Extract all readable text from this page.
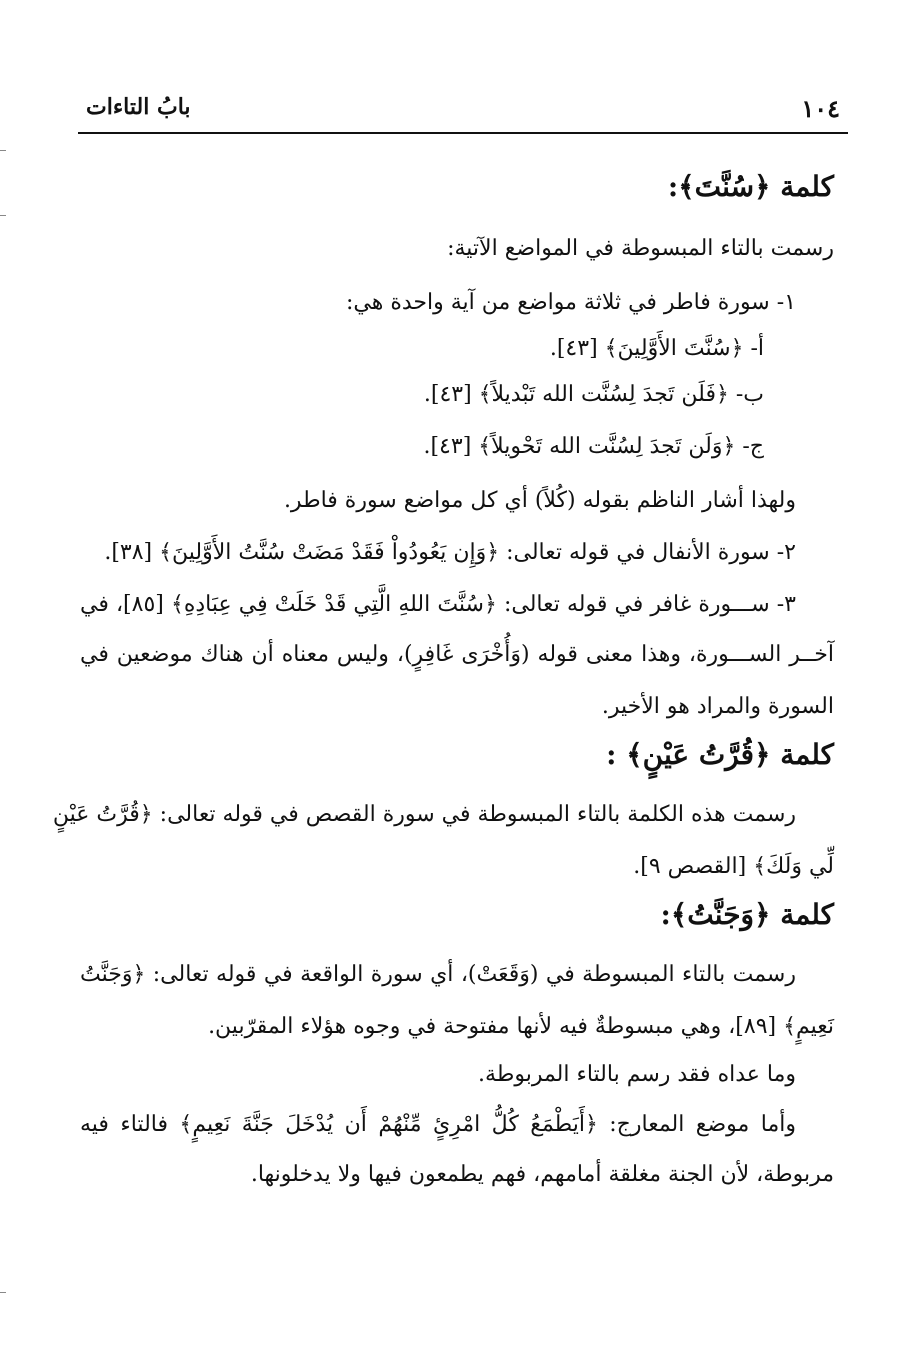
١٠٤
بابُ التاءات
كلمة ﴿سُنَّتَ﴾:
رسمت بالتاء المبسوطة في المواضع الآتية:
١- سورة فاطر في ثلاثة مواضع من آية واحدة هي:
أ- ﴿سُنَّتَ الأَوَّلِينَ﴾ [٤٣].
ب- ﴿فَلَن تَجدَ لِسُنَّت الله تَبْديلاً﴾ [٤٣].
ج- ﴿وَلَن تَجدَ لِسُنَّت الله تَحْويلاً﴾ [٤٣].
ولهذا أشار الناظم بقوله (كُلاً) أي كل مواضع سورة فاطر.
٢- سورة الأنفال في قوله تعالى: ﴿وَإِن يَعُودُواْ فَقَدْ مَضَتْ سُنَّتُ الأَوَّلِينَ﴾ [٣٨].
٣- ســـورة غافر في قوله تعالى: ﴿سُنَّتَ اللهِ الَّتِي قَدْ خَلَتْ فِي عِبَادِهِ﴾ [٨٥]، في
آخــر الســـورة، وهذا معنى قوله (وَأُخْرَى غَافِرٍ)، وليس معناه أن هناك موضعين في
السورة والمراد هو الأخير.
كلمة ﴿قُرَّتُ عَيْنٍ﴾ :
رسمت هذه الكلمة بالتاء المبسوطة في سورة القصص في قوله تعالى: ﴿قُرَّتُ عَيْنٍ
لِّي وَلَكَ﴾ [القصص ٩].
كلمة ﴿وَجَنَّتُ﴾:
رسمت بالتاء المبسوطة في (وَقَعَتْ)، أي سورة الواقعة في قوله تعالى: ﴿وَجَنَّتُ
نَعِيمٍ﴾ [٨٩]، وهي مبسوطةٌ فيه لأنها مفتوحة في وجوه هؤلاء المقرّبين.
وما عداه فقد رسم بالتاء المربوطة.
وأما موضع المعارج: ﴿أَيَطْمَعُ كُلُّ امْرِئٍ مِّنْهُمْ أَن يُدْخَلَ جَنَّةَ نَعِيمٍ﴾ فالتاء فيه
مربوطة، لأن الجنة مغلقة أمامهم، فهم يطمعون فيها ولا يدخلونها.
